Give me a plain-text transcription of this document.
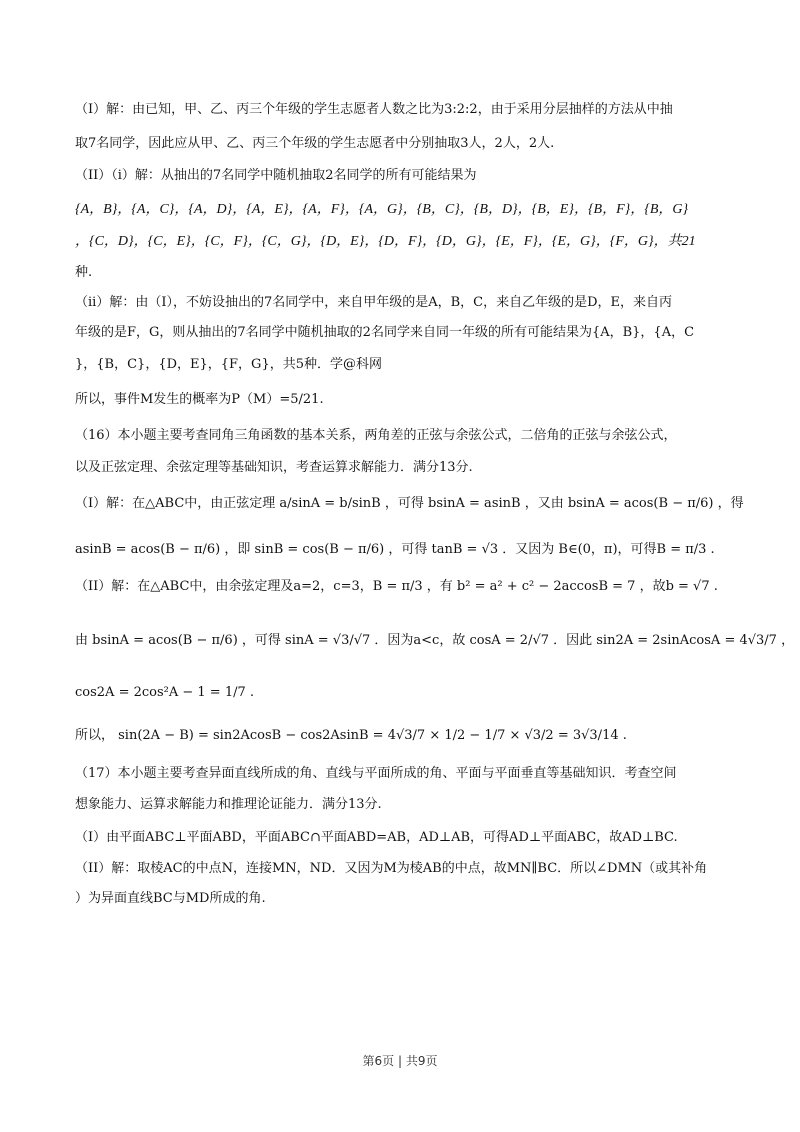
（I）解：由已知，甲、乙、丙三个年级的学生志愿者人数之比为3:2:2，由于采用分层抽样的方法从中抽
取7名同学，因此应从甲、乙、丙三个年级的学生志愿者中分别抽取3人，2人，2人.
（II）（i）解：从抽出的7名同学中随机抽取2名同学的所有可能结果为
{A，B}，{A，C}，{A，D}，{A，E}，{A，F}，{A，G}，{B，C}，{B，D}，{B，E}，{B，F}，{B，G}
，{C，D}，{C，E}，{C，F}，{C，G}，{D，E}，{D，F}，{D，G}，{E，F}，{E，G}，{F，G}，共21
种.
（ii）解：由（I），不妨设抽出的7名同学中，来自甲年级的是A，B，C，来自乙年级的是D，E，来自丙
年级的是F，G，则从抽出的7名同学中随机抽取的2名同学来自同一年级的所有可能结果为{A，B}，{A，C
}，{B，C}，{D，E}，{F，G}，共5种．学@科网
所以，事件M发生的概率为P（M）=5/21.
（16）本小题主要考查同角三角函数的基本关系，两角差的正弦与余弦公式，二倍角的正弦与余弦公式，
以及正弦定理、余弦定理等基础知识，考查运算求解能力．满分13分.
（I）解：在△ABC中，由正弦定理 a/sinA = b/sinB ，可得 bsinA = asinB ，又由 bsinA = acos(B − π/6) ，得
asinB = acos(B − π/6) ，即 sinB = cos(B − π/6) ，可得 tanB = √3 ．又因为 B∈(0，π)，可得B = π/3 .
（II）解：在△ABC中，由余弦定理及a=2，c=3，B = π/3 ，有 b² = a² + c² − 2accosB = 7 ，故b = √7 .
由 bsinA = acos(B − π/6) ，可得 sinA = √3/√7 ．因为a<c，故 cosA = 2/√7 ．因此 sin2A = 2sinAcosA = 4√3/7 ，
cos2A = 2cos²A − 1 = 1/7 .
所以， sin(2A − B) = sin2AcosB − cos2AsinB = 4√3/7 × 1/2 − 1/7 × √3/2 = 3√3/14 .
（17）本小题主要考查异面直线所成的角、直线与平面所成的角、平面与平面垂直等基础知识．考查空间
想象能力、运算求解能力和推理论证能力．满分13分.
（I）由平面ABC⊥平面ABD，平面ABC∩平面ABD=AB，AD⊥AB，可得AD⊥平面ABC，故AD⊥BC.
（II）解：取棱AC的中点N，连接MN，ND．又因为M为棱AB的中点，故MN∥BC．所以∠DMN（或其补角
）为异面直线BC与MD所成的角.
第6页 | 共9页
